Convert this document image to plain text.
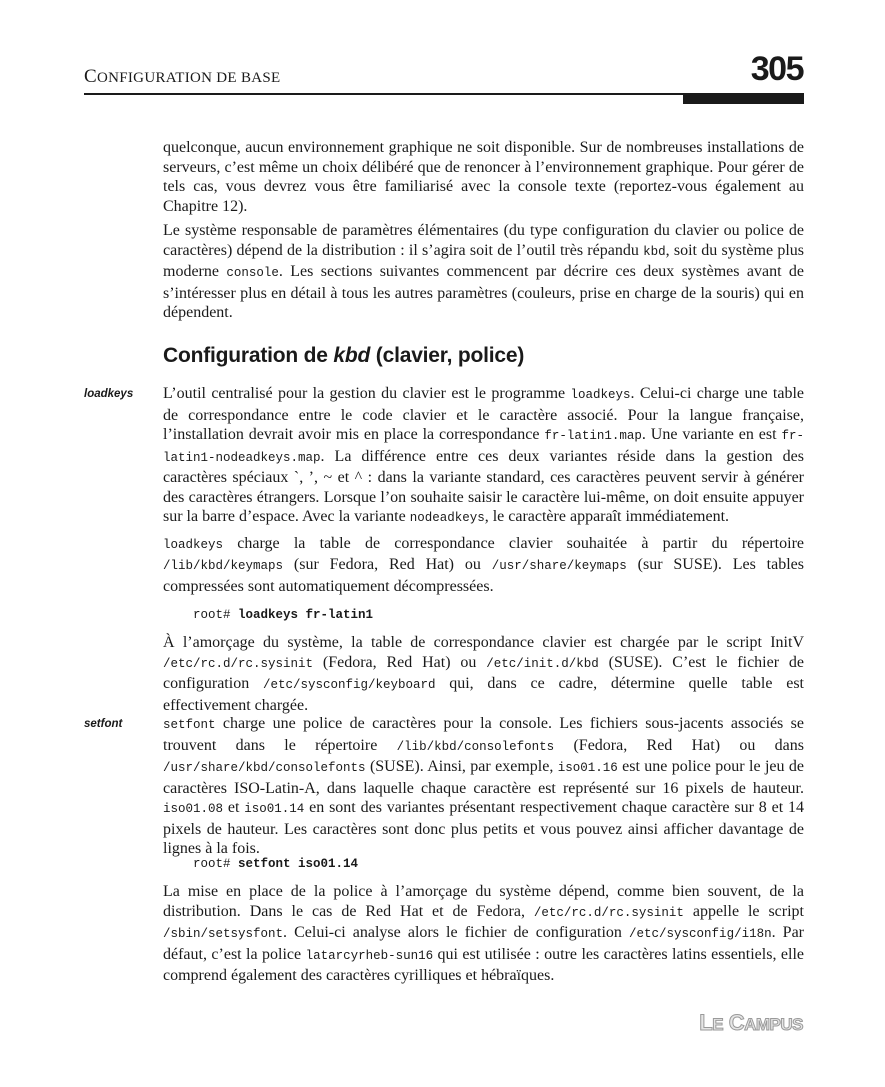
CONFIGURATION DE BASE	305

quelconque, aucun environnement graphique ne soit disponible. Sur de nombreuses installations de serveurs, c’est même un choix délibéré que de renoncer à l’environnement graphique. Pour gérer de tels cas, vous devrez vous être familiarisé avec la console texte (reportez-vous également au Chapitre 12).

Le système responsable de paramètres élémentaires (du type configuration du clavier ou police de caractères) dépend de la distribution : il s’agira soit de l’outil très répandu kbd, soit du système plus moderne console. Les sections suivantes commencent par décrire ces deux systèmes avant de s’intéresser plus en détail à tous les autres paramètres (couleurs, prise en charge de la souris) qui en dépendent.

Configuration de kbd (clavier, police)
loadkeys L’outil centralisé pour la gestion du clavier est le programme loadkeys. Celui-ci charge une table de correspondance entre le code clavier et le caractère associé. Pour la langue française, l’installation devrait avoir mis en place la correspondance fr-latin1.map. Une variante en est fr-latin1-nodeadkeys.map. La différence entre ces deux variantes réside dans la gestion des caractères spéciaux `, ’, ~ et ^ : dans la variante standard, ces caractères peuvent servir à générer des caractères étrangers. Lorsque l’on souhaite saisir le caractère lui-même, on doit ensuite appuyer sur la barre d’espace. Avec la variante nodeadkeys, le caractère apparaît immédiatement.

loadkeys charge la table de correspondance clavier souhaitée à partir du répertoire /lib/kbd/keymaps (sur Fedora, Red Hat) ou /usr/share/keymaps (sur SUSE). Les tables compressées sont automatiquement décompressées.

root# loadkeys fr-latin1

À l’amorçage du système, la table de correspondance clavier est chargée par le script InitV /etc/rc.d/rc.sysinit (Fedora, Red Hat) ou /etc/init.d/kbd (SUSE). C’est le fichier de configuration /etc/sysconfig/keyboard qui, dans ce cadre, détermine quelle table est effectivement chargée.

setfont	setfont charge une police de caractères pour la console. Les fichiers sous-jacents associés se trouvent dans le répertoire /lib/kbd/consolefonts (Fedora, Red Hat) ou dans /usr/share/kbd/consolefonts (SUSE). Ainsi, par exemple, iso01.16 est une police pour le jeu de caractères ISO-Latin-A, dans laquelle chaque caractère est représenté sur 16 pixels de hauteur. iso01.08 et iso01.14 en sont des variantes présentant respectivement chaque caractère sur 8 et 14 pixels de hauteur. Les caractères sont donc plus petits et vous pouvez ainsi afficher davantage de lignes à la fois.

root# setfont iso01.14

La mise en place de la police à l’amorçage du système dépend, comme bien souvent, de la distribution. Dans le cas de Red Hat et de Fedora, /etc/rc.d/rc.sysinit appelle le script /sbin/setsysfont. Celui-ci analyse alors le fichier de configuration /etc/sysconfig/i18n. Par défaut, c’est la police latarcyrheb-sun16 qui est utilisée : outre les caractères latins essentiels, elle comprend également des caractères cyrilliques et hébraïques.

LE CAMPUS
